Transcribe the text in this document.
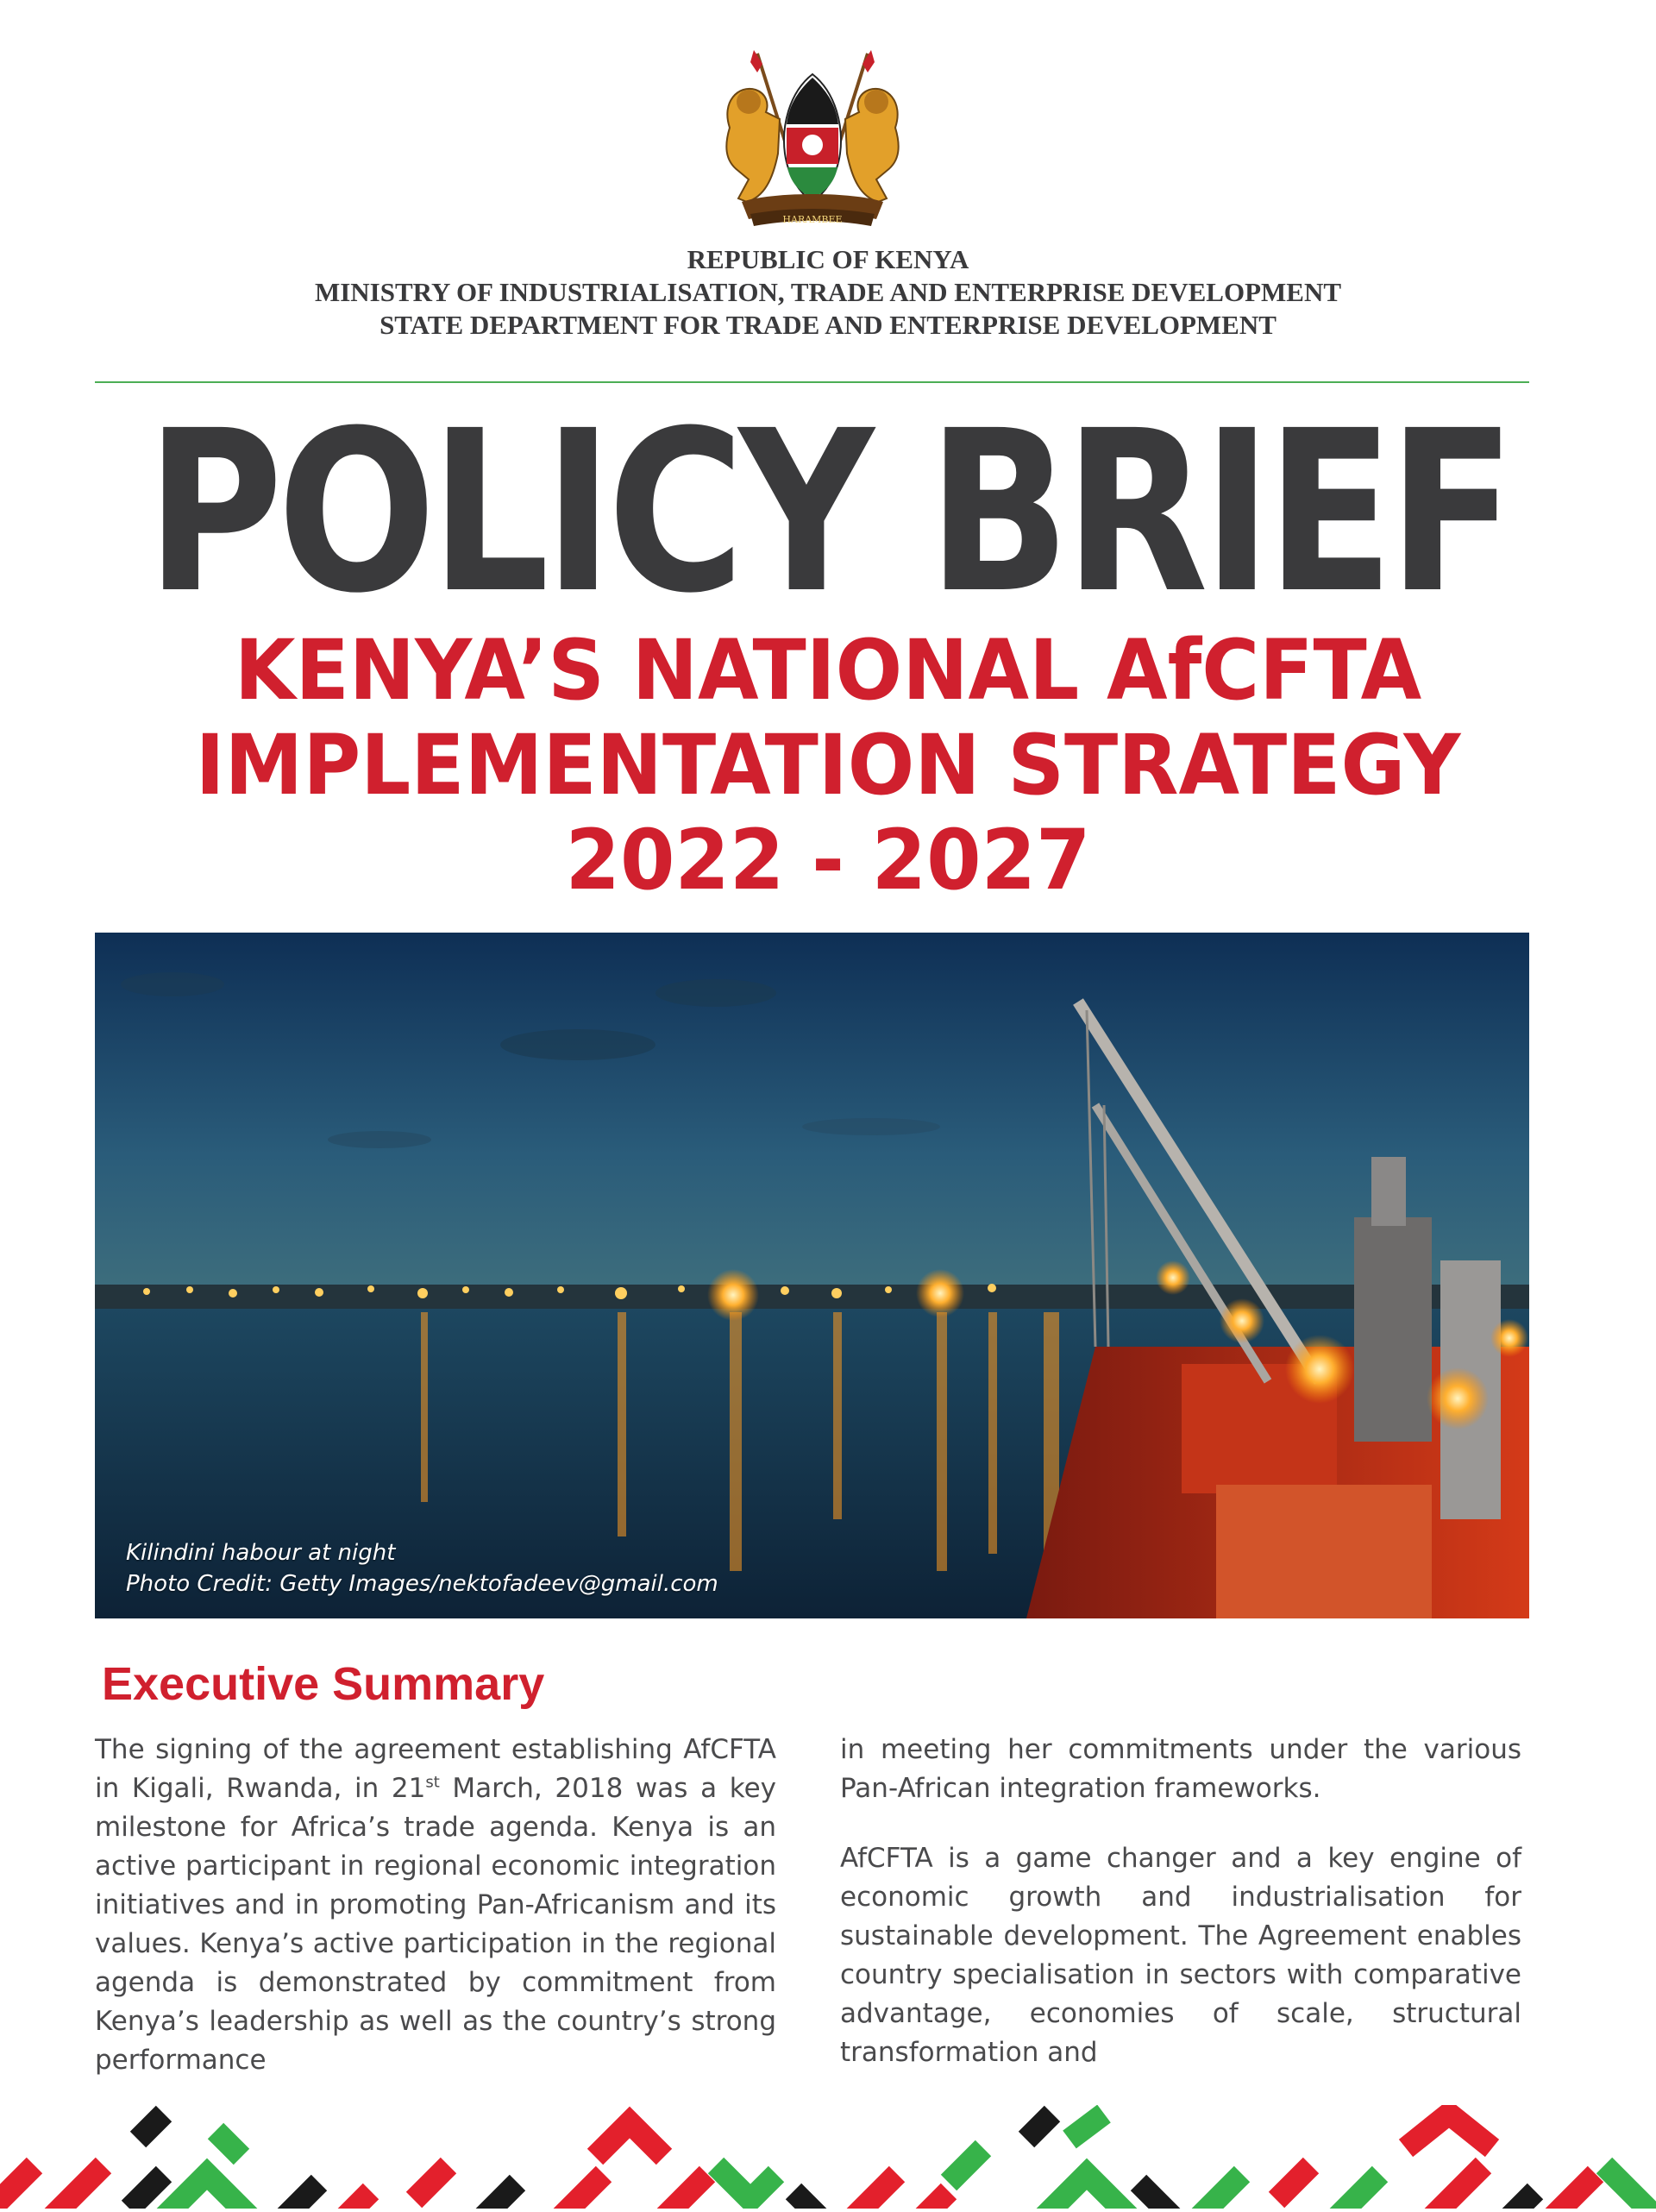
HARAMBEE
REPUBLIC OF KENYA
MINISTRY OF INDUSTRIALISATION, TRADE AND ENTERPRISE DEVELOPMENT
STATE DEPARTMENT FOR TRADE AND ENTERPRISE DEVELOPMENT
POLICY BRIEF
KENYA’S NATIONAL AfCFTA
IMPLEMENTATION STRATEGY
2022 - 2027
Kilindini habour at night
Photo Credit: Getty Images/nektofadeev@gmail.com
Executive Summary

The signing of the agreement establishing AfCFTA in Kigali, Rwanda, in 21st March, 2018 was a key milestone for Africa’s trade agenda. Kenya is an active participant in regional economic integration initiatives and in promoting Pan-Africanism and its values. Kenya’s active participation in the regional agenda is demonstrated by commitment from Kenya’s leadership as well as the country’s strong performance

in meeting her commitments under the various Pan-African integration frameworks.

AfCFTA is a game changer and a key engine of economic growth and industrialisation for sustainable development. The Agreement enables country specialisation in sectors with comparative advantage, economies of scale, structural transformation and
